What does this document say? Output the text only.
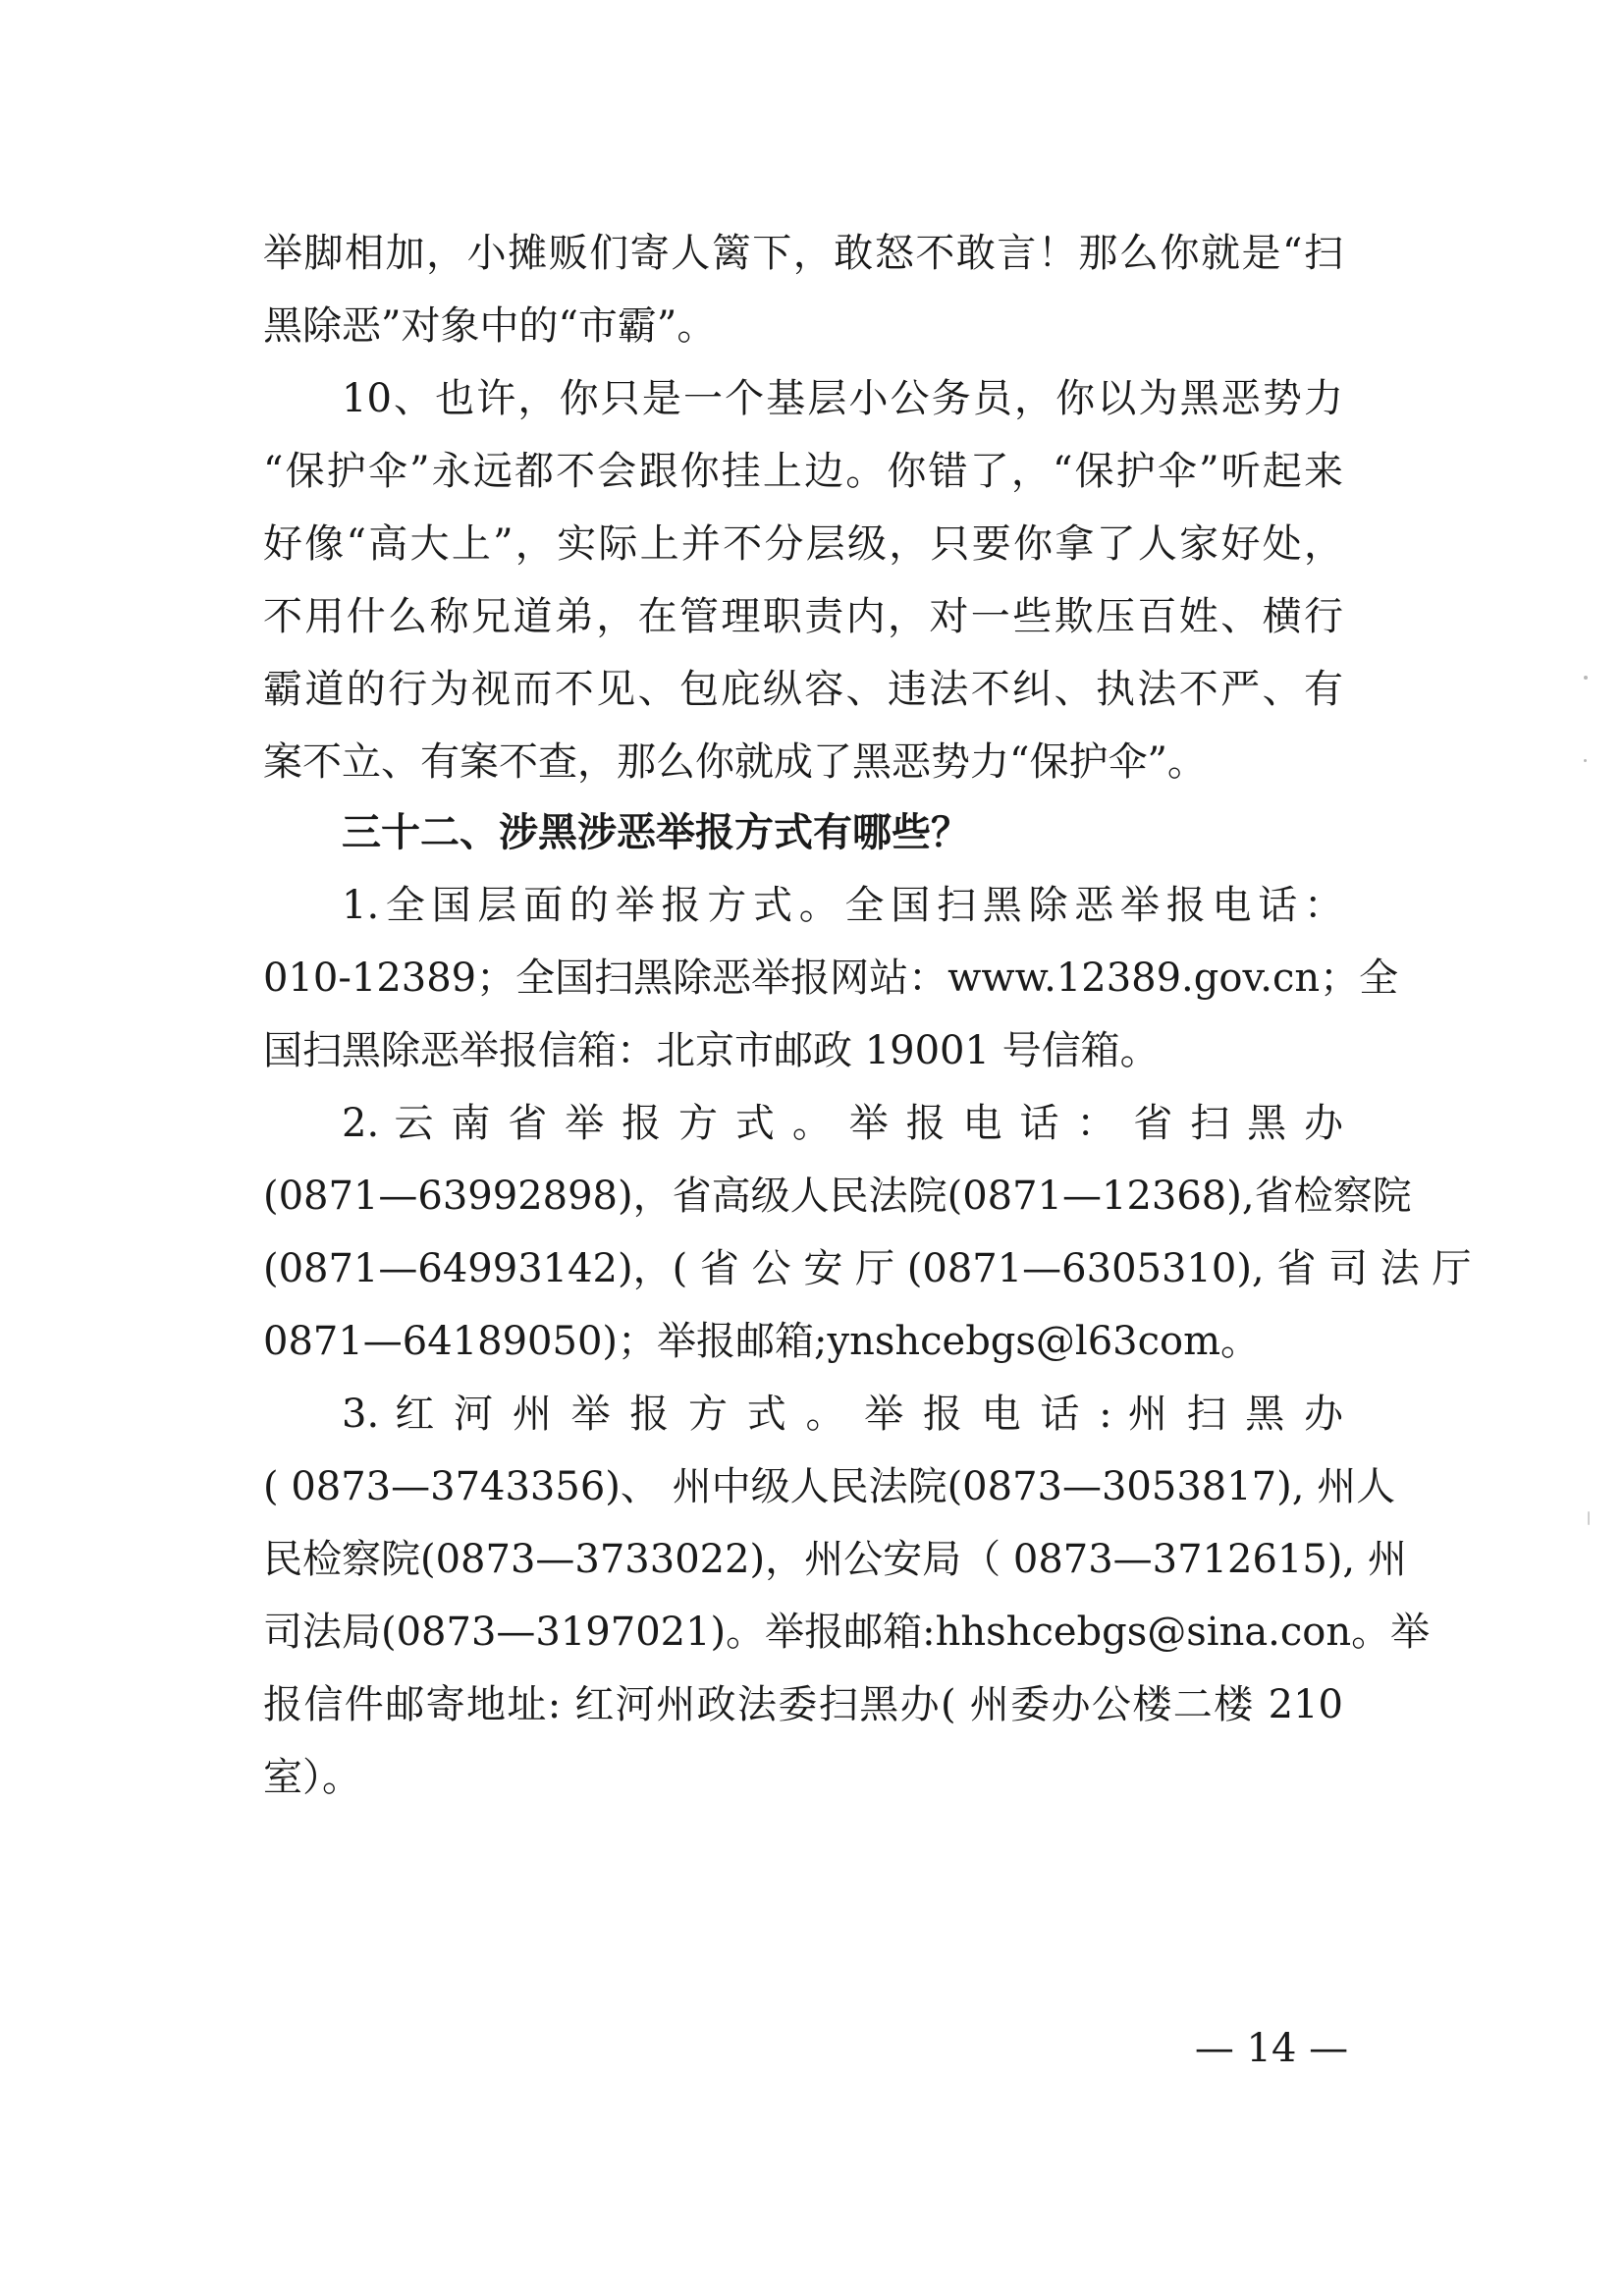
举脚相加，小摊贩们寄人篱下，敢怒不敢言！那么你就是“扫
黑除恶”对象中的“市霸”。
10、也许，你只是一个基层小公务员，你以为黑恶势力
“保护伞”永远都不会跟你挂上边。你错了，“保护伞”听起来
好像“高大上”，实际上并不分层级，只要你拿了人家好处，
不用什么称兄道弟，在管理职责内，对一些欺压百姓、横行
霸道的行为视而不见、包庇纵容、违法不纠、执法不严、有
案不立、有案不查，那么你就成了黑恶势力“保护伞”。
三十二、涉黑涉恶举报方式有哪些？
1.全国层面的举报方式。全国扫黑除恶举报电话：
010-12389；全国扫黑除恶举报网站：www.12389.gov.cn；全
国扫黑除恶举报信箱：北京市邮政 19001 号信箱。
2. 云 南 省 举 报 方 式 。 举 报 电 话 ： 省 扫 黑 办
(0871—63992898)，省高级人民法院(0871—12368),省检察院
(0871—64993142)，( 省 公 安 厅 (0871—6305310), 省 司 法 厅
0871—64189050)；举报邮箱;ynshcebgs@l63com。
3. 红 河 州 举 报 方 式 。 举 报 电 话 : 州 扫 黑 办
( 0873—3743356)、 州中级人民法院(0873—3053817), 州人
民检察院(0873—3733022)，州公安局（ 0873—3712615), 州
司法局(0873—3197021)。举报邮箱:hhshcebgs@sina.con。举
报信件邮寄地址: 红河州政法委扫黑办( 州委办公楼二楼 210
室）。
— 14 —
